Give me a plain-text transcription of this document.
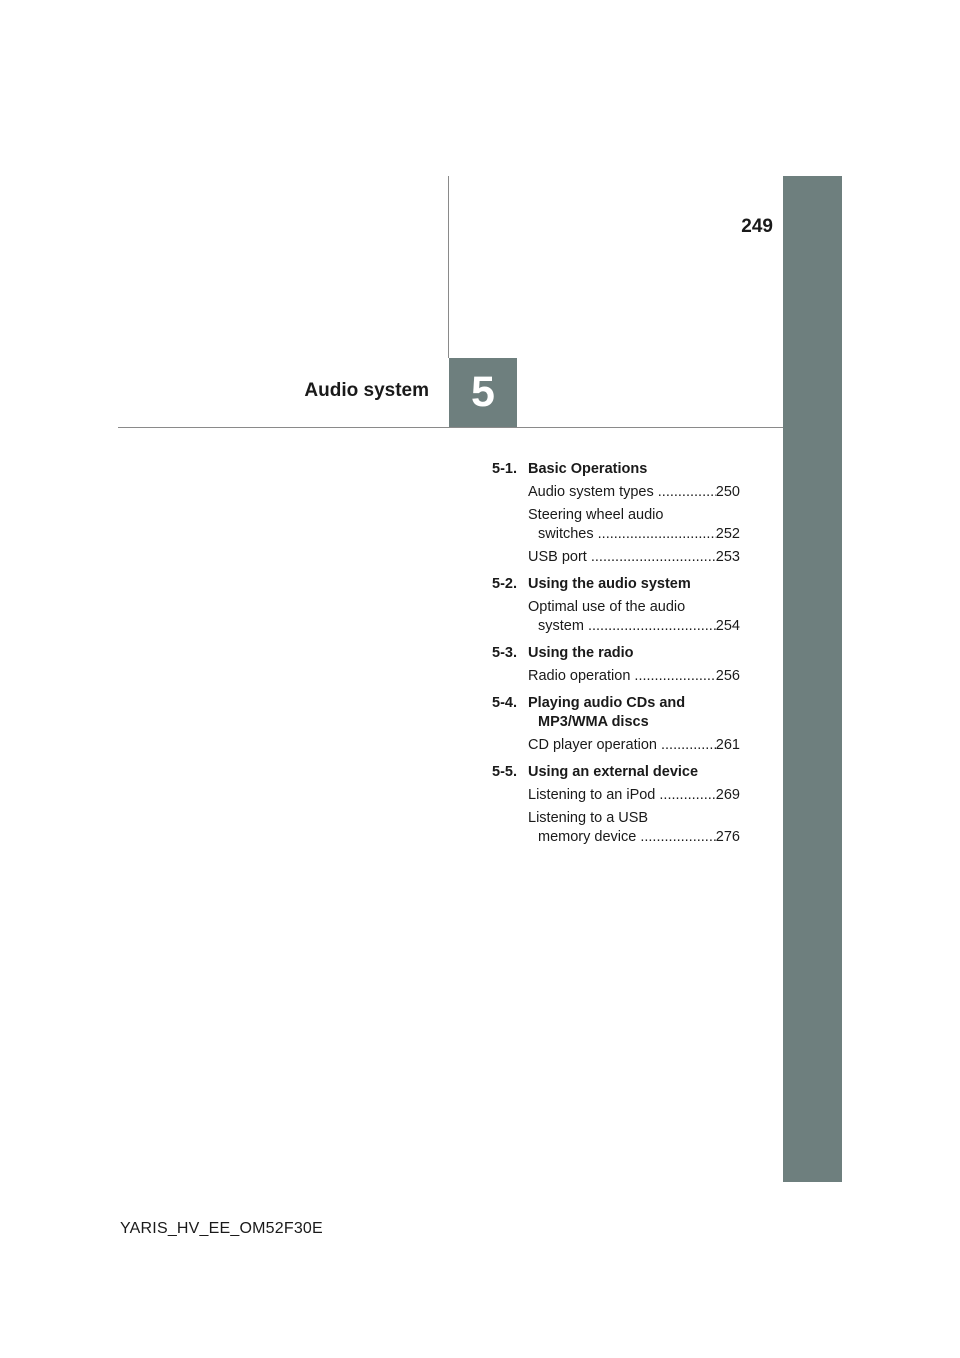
249
Audio system 5
5-1. Basic Operations
Audio system types .....	250
Steering wheel audio
switches .....	252
USB port .....	253
5-2. Using the audio system
Optimal use of the audio
system .....	254
5-3. Using the radio
Radio operation .....	256
5-4. Playing audio CDs and
MP3/WMA discs
CD player operation .....	261
5-5. Using an external device
Listening to an iPod .....	269
Listening to a USB
memory device .....	276
YARIS_HV_EE_OM52F30E
